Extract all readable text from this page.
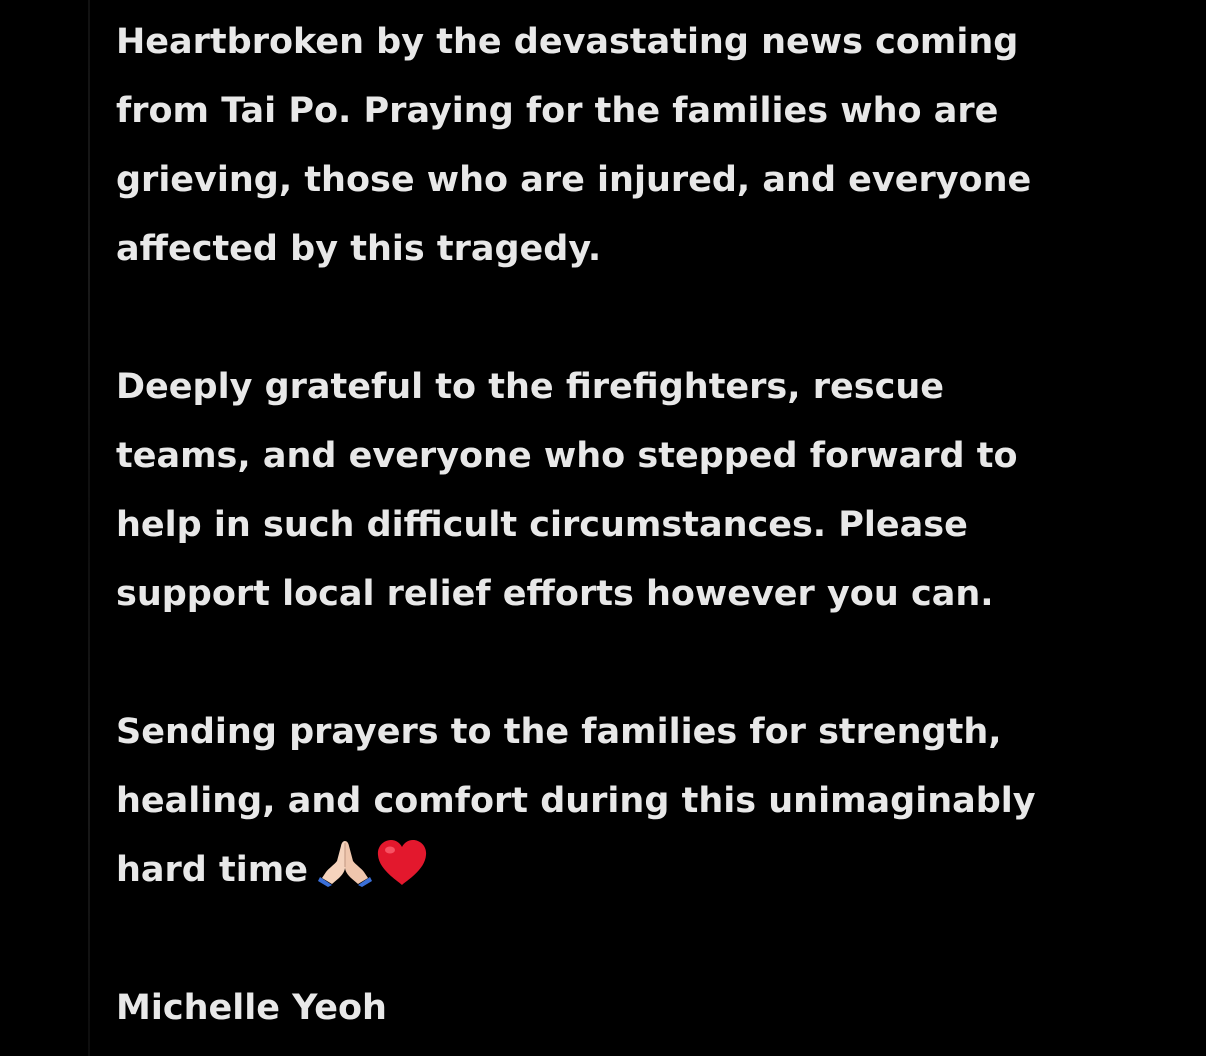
Heartbroken by the devastating news coming
from Tai Po. Praying for the families who are
grieving, those who are injured, and everyone
affected by this tragedy.

Deeply grateful to the firefighters, rescue
teams, and everyone who stepped forward to
help in such difficult circumstances. Please
support local relief efforts however you can.

Sending prayers to the families for strength,
healing, and comfort during this unimaginably
hard time

Michelle Yeoh
